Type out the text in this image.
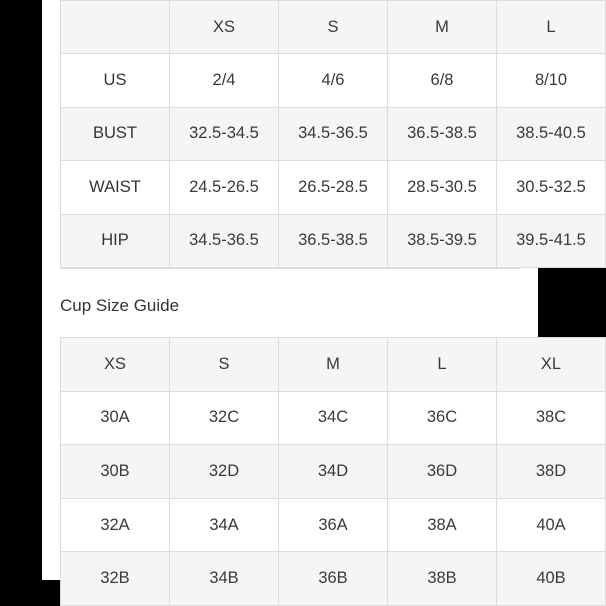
	XS	S	M	L
US	2/4	4/6	6/8	8/10
BUST	32.5-34.5	34.5-36.5	36.5-38.5	38.5-40.5
WAIST	24.5-26.5	26.5-28.5	28.5-30.5	30.5-32.5
HIP	34.5-36.5	36.5-38.5	38.5-39.5	39.5-41.5
Cup Size Guide
XS	S	M	L	XL
30A	32C	34C	36C	38C
30B	32D	34D	36D	38D
32A	34A	36A	38A	40A
32B	34B	36B	38B	40B
